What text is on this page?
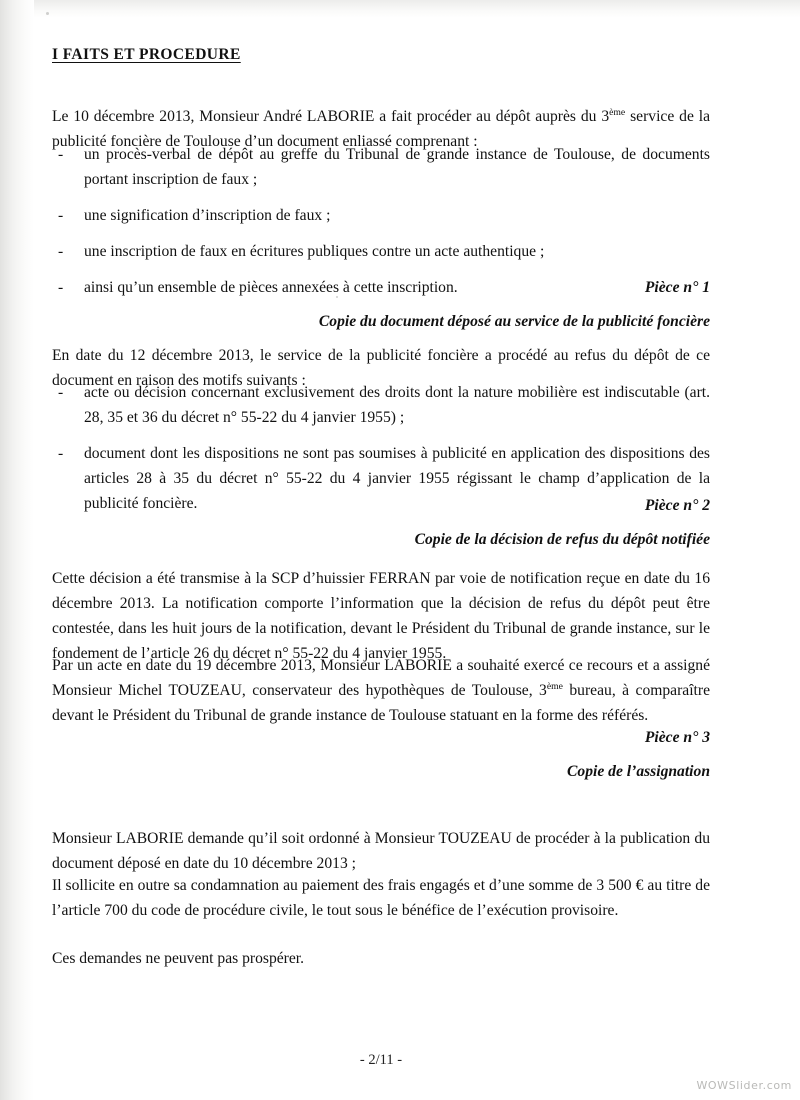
I FAITS ET PROCEDURE

Le 10 décembre 2013, Monsieur André LABORIE a fait procéder au dépôt auprès du 3ème service de la publicité foncière de Toulouse d’un document enliassé comprenant :

- un procès-verbal de dépôt au greffe du Tribunal de grande instance de Toulouse, de documents portant inscription de faux ;
- une signification d’inscription de faux ;
- une inscription de faux en écritures publiques contre un acte authentique ;
- ainsi qu’un ensemble de pièces annexées à cette inscription.	Pièce n° 1
Copie du document déposé au service de la publicité foncière

En date du 12 décembre 2013, le service de la publicité foncière a procédé au refus du dépôt de ce document en raison des motifs suivants :

- acte ou décision concernant exclusivement des droits dont la nature mobilière est indiscutable (art. 28, 35 et 36 du décret n° 55-22 du 4 janvier 1955) ;
- document dont les dispositions ne sont pas soumises à publicité en application des dispositions des articles 28 à 35 du décret n° 55-22 du 4 janvier 1955 régissant le champ d’application de la publicité foncière.	Pièce n° 2
Copie de la décision de refus du dépôt notifiée

Cette décision a été transmise à la SCP d’huissier FERRAN par voie de notification reçue en date du 16 décembre 2013. La notification comporte l’information que la décision de refus du dépôt peut être contestée, dans les huit jours de la notification, devant le Président du Tribunal de grande instance, sur le fondement de l’article 26 du décret n° 55-22 du 4 janvier 1955.

Par un acte en date du 19 décembre 2013, Monsieur LABORIE a souhaité exercé ce recours et a assigné Monsieur Michel TOUZEAU, conservateur des hypothèques de Toulouse, 3ème bureau, à comparaître devant le Président du Tribunal de grande instance de Toulouse statuant en la forme des référés.

Pièce n° 3
Copie de l’assignation

Monsieur LABORIE demande qu’il soit ordonné à Monsieur TOUZEAU de procéder à la publication du document déposé en date du 10 décembre 2013 ;

Il sollicite en outre sa condamnation au paiement des frais engagés et d’une somme de 3 500 € au titre de l’article 700 du code de procédure civile, le tout sous le bénéfice de l’exécution provisoire.

Ces demandes ne peuvent pas prospérer.

- 2/11 -
WOWSlider.com
